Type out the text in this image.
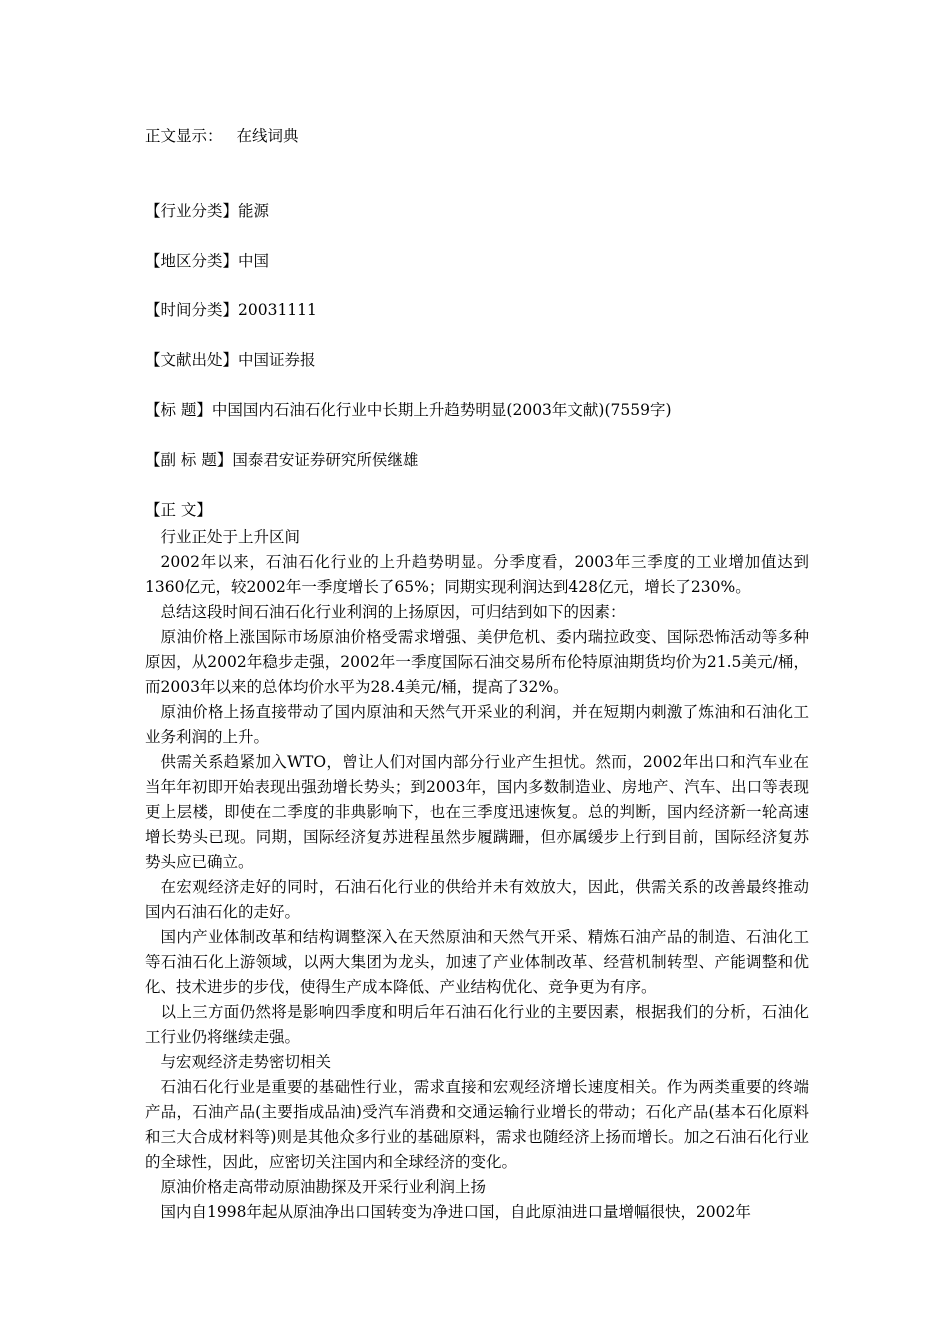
正文显示： 在线词典
【行业分类】能源
【地区分类】中国
【时间分类】20031111
【文献出处】中国证券报
【标 题】中国国内石油石化行业中长期上升趋势明显(2003年文献)(7559字)
【副 标 题】国泰君安证券研究所侯继雄
【正 文】

行业正处于上升区间

2002年以来，石油石化行业的上升趋势明显。分季度看，2003年三季度的工业增加值达到1360亿元，较2002年一季度增长了65%；同期实现利润达到428亿元，增长了230%。

总结这段时间石油石化行业利润的上扬原因，可归结到如下的因素：

原油价格上涨国际市场原油价格受需求增强、美伊危机、委内瑞拉政变、国际恐怖活动等多种原因，从2002年稳步走强，2002年一季度国际石油交易所布伦特原油期货均价为21.5美元/桶，而2003年以来的总体均价水平为28.4美元/桶，提高了32%。

原油价格上扬直接带动了国内原油和天然气开采业的利润，并在短期内刺激了炼油和石油化工业务利润的上升。

供需关系趋紧加入WTO，曾让人们对国内部分行业产生担忧。然而，2002年出口和汽车业在当年年初即开始表现出强劲增长势头；到2003年，国内多数制造业、房地产、汽车、出口等表现更上层楼，即使在二季度的非典影响下，也在三季度迅速恢复。总的判断，国内经济新一轮高速增长势头已现。同期，国际经济复苏进程虽然步履蹒跚，但亦属缓步上行到目前，国际经济复苏势头应已确立。

在宏观经济走好的同时，石油石化行业的供给并未有效放大，因此，供需关系的改善最终推动国内石油石化的走好。

国内产业体制改革和结构调整深入在天然原油和天然气开采、精炼石油产品的制造、石油化工等石油石化上游领域，以两大集团为龙头，加速了产业体制改革、经营机制转型、产能调整和优化、技术进步的步伐，使得生产成本降低、产业结构优化、竞争更为有序。

以上三方面仍然将是影响四季度和明后年石油石化行业的主要因素，根据我们的分析，石油化工行业仍将继续走强。

与宏观经济走势密切相关

石油石化行业是重要的基础性行业，需求直接和宏观经济增长速度相关。作为两类重要的终端产品，石油产品(主要指成品油)受汽车消费和交通运输行业增长的带动；石化产品(基本石化原料和三大合成材料等)则是其他众多行业的基础原料，需求也随经济上扬而增长。加之石油石化行业的全球性，因此，应密切关注国内和全球经济的变化。

原油价格走高带动原油勘探及开采行业利润上扬

国内自1998年起从原油净出口国转变为净进口国，自此原油进口量增幅很快，2002年
